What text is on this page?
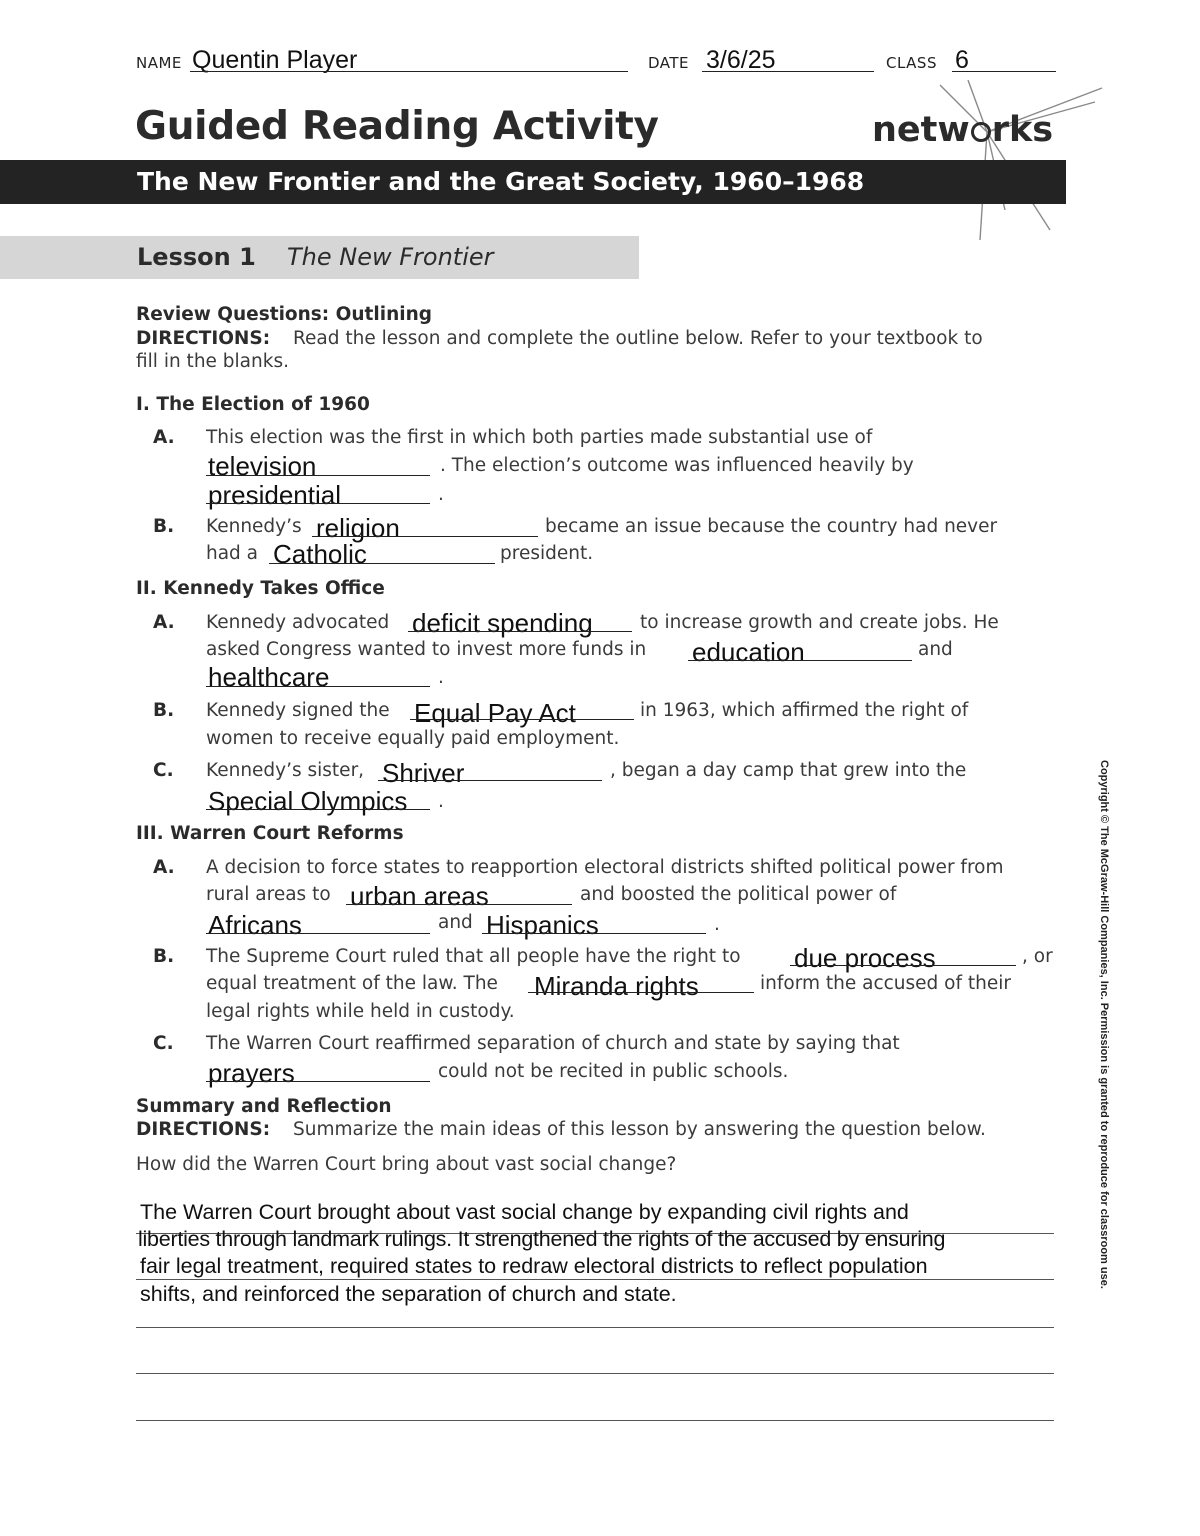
NAME Quentin Player	DATE 3/6/25	CLASS 6
Guided Reading Activity	netw rks
The New Frontier and the Great Society, 1960–1968
Lesson 1 The New Frontier
Review Questions: Outlining
DIRECTIONS: Read the lesson and complete the outline below. Refer to your textbook to
fill in the blanks.
I. The Election of 1960
A. This election was the first in which both parties made substantial use of
television	. The election’s outcome was influenced heavily by
presidential	.
B. Kennedy’s religion	became an issue because the country had never
had a Catholic	president.
II. Kennedy Takes Office
A. Kennedy advocated deficit spending	to increase growth and create jobs. He
asked Congress wanted to invest more funds in education	and
healthcare	.
B. Kennedy signed the Equal Pay Act	in 1963, which affirmed the right of
women to receive equally paid employment.
C. Kennedy’s sister, Shriver	, began a day camp that grew into the
Special Olympics .
III. Warren Court Reforms
A. A decision to force states to reapportion electoral districts shifted political power from
rural areas to urban areas	and boosted the political power of
Africans	and Hispanics	.
B. The Supreme Court ruled that all people have the right to due process	, or
equal treatment of the law. The Miranda rights	inform the accused of their
legal rights while held in custody.
C. The Warren Court reaffirmed separation of church and state by saying that
prayers	could not be recited in public schools.
Summary and Reflection
DIRECTIONS: Summarize the main ideas of this lesson by answering the question below.
How did the Warren Court bring about vast social change?
The Warren Court brought about vast social change by expanding civil rights and
liberties through landmark rulings. It strengthened the rights of the accused by ensuring
fair legal treatment, required states to redraw electoral districts to reflect population
shifts, and reinforced the separation of church and state.
Copyright © The McGraw-Hill Companies, Inc. Permission is granted to reproduce for classroom use.
